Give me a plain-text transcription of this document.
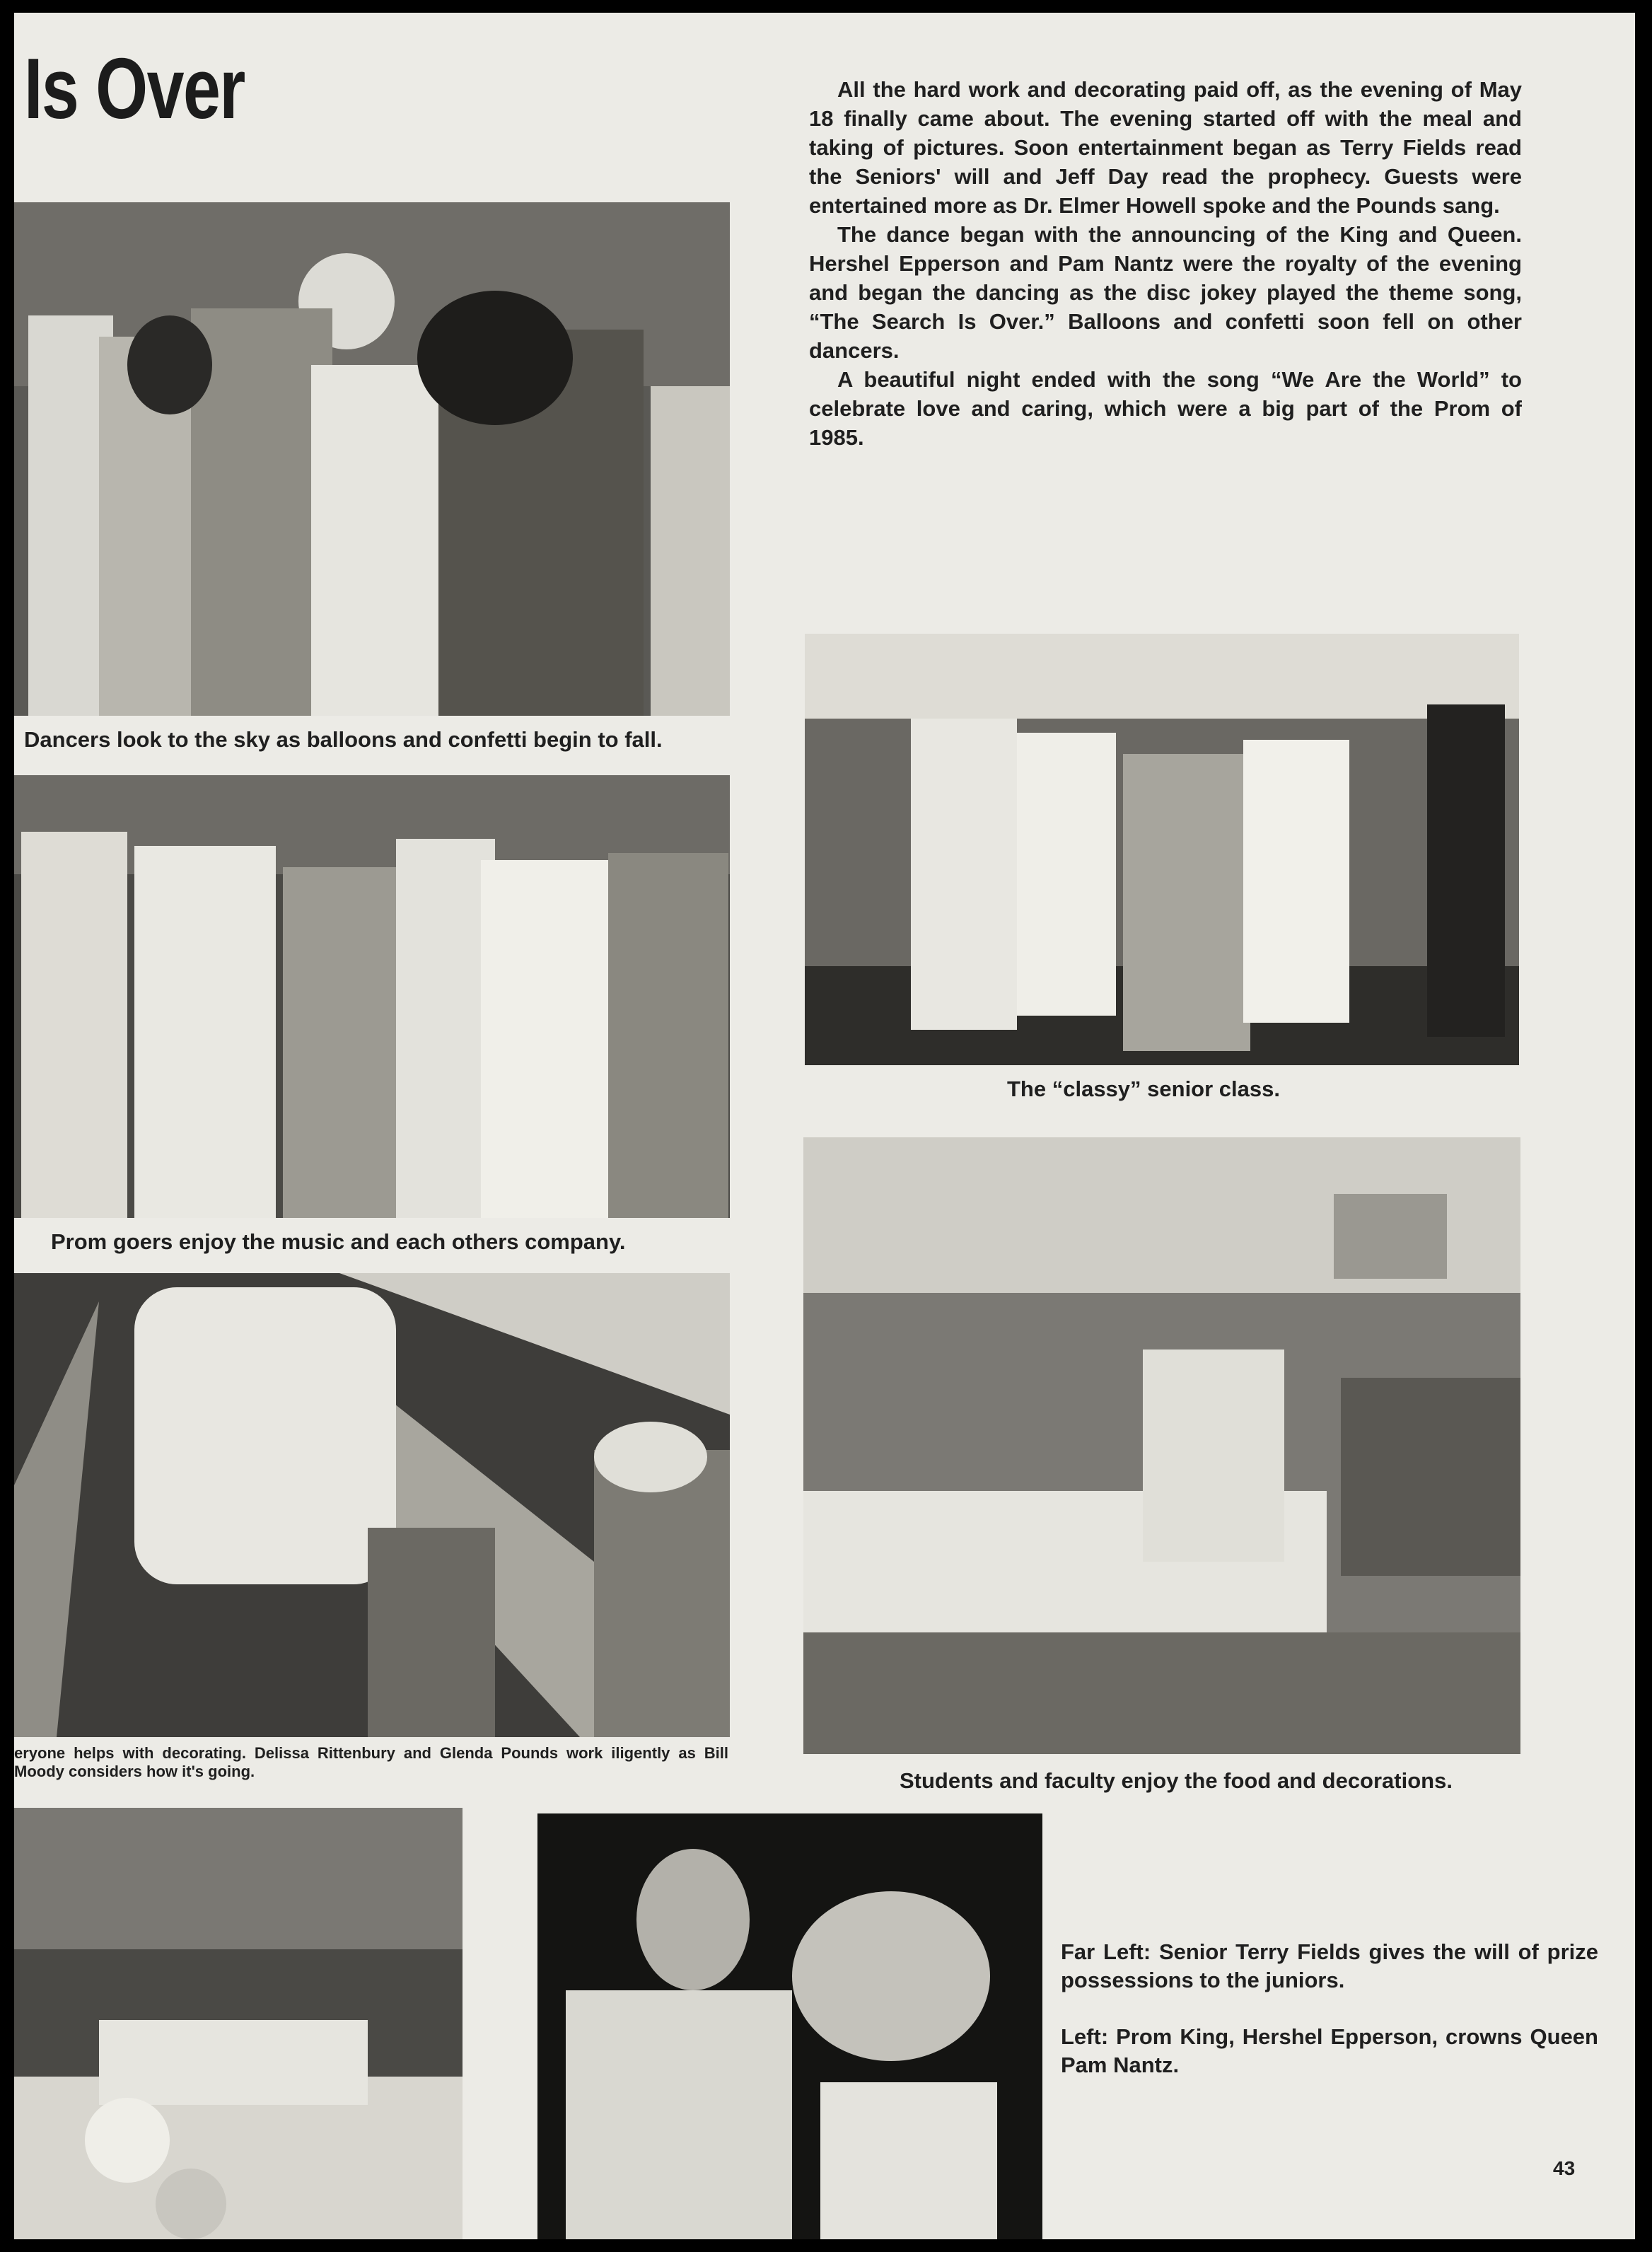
Is Over	All the hard work and decorating paid off, as the evening of May 18 finally came about. The evening started off with the meal and taking of pictures. Soon entertainment began as Terry Fields read the Seniors' will and Jeff Day read the prophecy. Guests were entertained more as Dr. Elmer Howell spoke and the Pounds sang.

The dance began with the announcing of the King and Queen. Hershel Epperson and Pam Nantz were the royalty of the evening and began the dancing as the disc jokey played the theme song, “The Search Is Over.” Balloons and confetti soon fell on other dancers.

A beautiful night ended with the song “We Are the World” to celebrate love and caring, which were a big part of the Prom of 1985.

Dancers look to the sky as balloons and confetti begin to fall.

Prom goers enjoy the music and each others company.

eryone helps with decorating. Delissa Rittenbury and Glenda Pounds work iligently as Bill Moody considers how it's going.

The “classy” senior class.

Students and faculty enjoy the food and decorations.

Far Left: Senior Terry Fields gives the will of prize possessions to the juniors.

Left: Prom King, Hershel Epperson, crowns Queen Pam Nantz.

43
